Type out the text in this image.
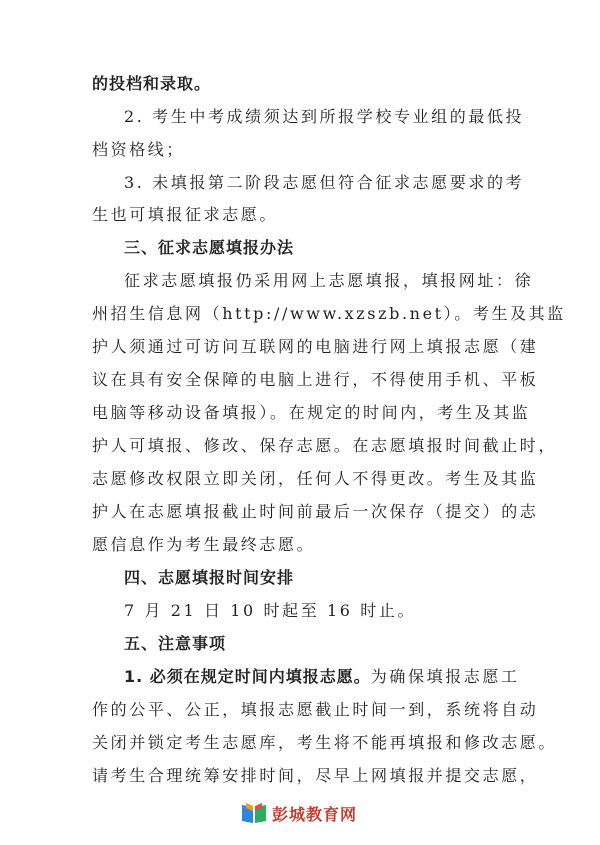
的投档和录取。
2. 考生中考成绩须达到所报学校专业组的最低投
档资格线；
3. 未填报第二阶段志愿但符合征求志愿要求的考
生也可填报征求志愿。
三、征求志愿填报办法
征求志愿填报仍采用网上志愿填报，填报网址：徐
州招生信息网（http://www.xzszb.net）。考生及其监
护人须通过可访问互联网的电脑进行网上填报志愿（建
议在具有安全保障的电脑上进行，不得使用手机、平板
电脑等移动设备填报）。在规定的时间内，考生及其监
护人可填报、修改、保存志愿。在志愿填报时间截止时，
志愿修改权限立即关闭，任何人不得更改。考生及其监
护人在志愿填报截止时间前最后一次保存（提交）的志
愿信息作为考生最终志愿。
四、志愿填报时间安排
7 月 21 日 10 时起至 16 时止。
五、注意事项
1. 必须在规定时间内填报志愿。为确保填报志愿工
作的公平、公正，填报志愿截止时间一到，系统将自动
关闭并锁定考生志愿库，考生将不能再填报和修改志愿。
请考生合理统筹安排时间，尽早上网填报并提交志愿，
彭城教育网
